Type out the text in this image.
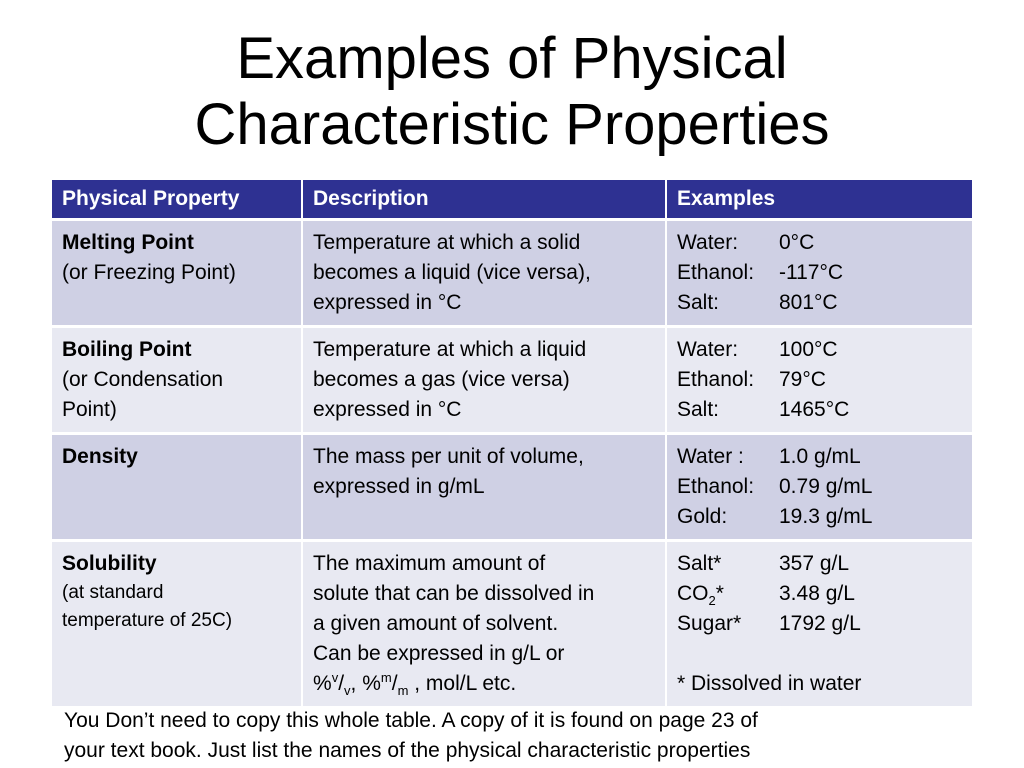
Examples of Physical
Characteristic Properties
Physical Property	Description	Examples

Melting Point
(or Freezing Point)	Temperature at which a solid
becomes a liquid (vice versa),
expressed in °C	Water: 0°C
Ethanol: -117°C
Salt: 801°C

Boiling Point
(or Condensation
Point)	Temperature at which a liquid
becomes a gas (vice versa)
expressed in °C	Water: 100°C
Ethanol: 79°C
Salt: 1465°C

Density	The mass per unit of volume,
expressed in g/mL	Water : 1.0 g/mL
Ethanol: 0.79 g/mL
Gold: 19.3 g/mL

Solubility
(at standard
temperature of 25C)	The maximum amount of
solute that can be dissolved in
a given amount of solvent.
Can be expressed in g/L or
$\%^v/_v$, $\%^m/_m$ , mol/L etc.	Salt* 357 g/L
$CO_2*$ 3.48 g/L
Sugar* 1792 g/L
* Dissolved in water
You Don’t need to copy this whole table. A copy of it is found on page 23 of
your text book. Just list the names of the physical characteristic properties
